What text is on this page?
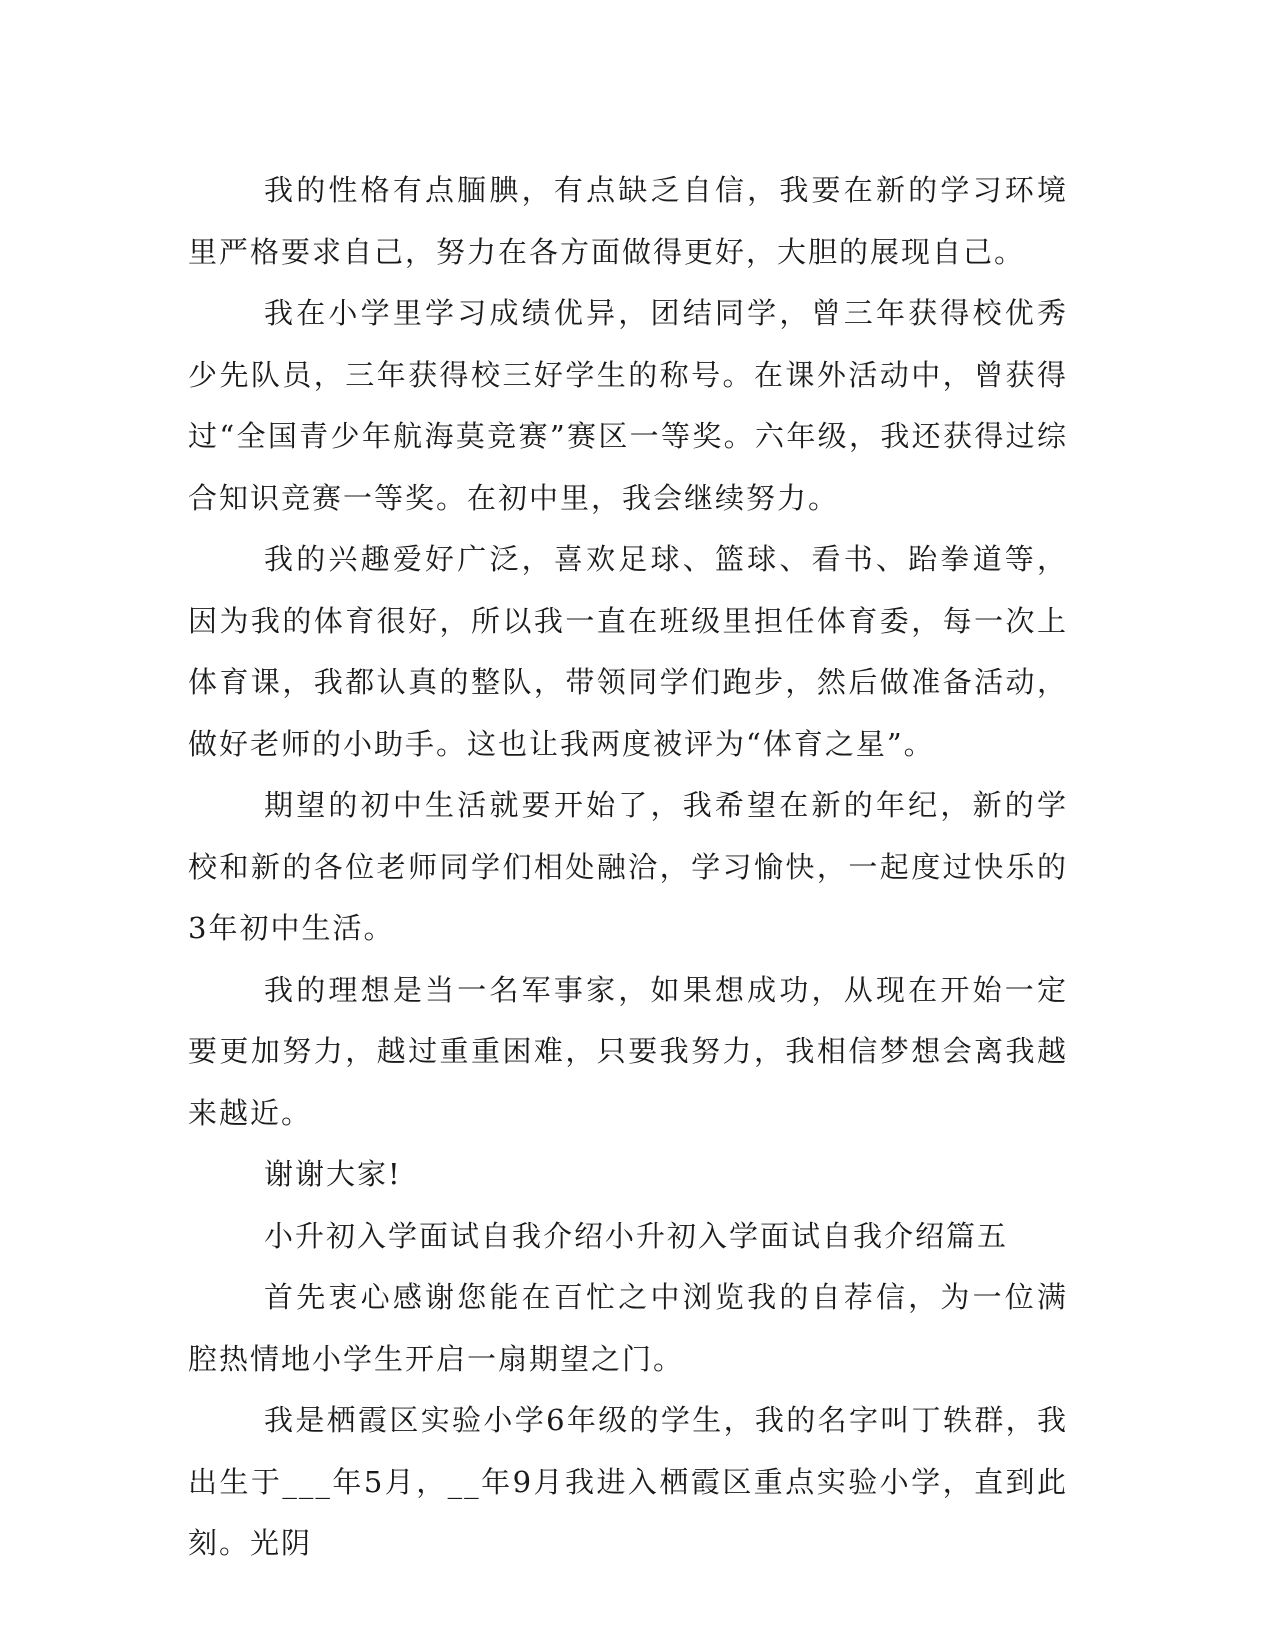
我的性格有点腼腆，有点缺乏自信，我要在新的学习环境里严格要求自己，努力在各方面做得更好，大胆的展现自己。

我在小学里学习成绩优异，团结同学，曾三年获得校优秀少先队员，三年获得校三好学生的称号。在课外活动中，曾获得过“全国青少年航海莫竞赛”赛区一等奖。六年级，我还获得过综合知识竞赛一等奖。在初中里，我会继续努力。

我的兴趣爱好广泛，喜欢足球、篮球、看书、跆拳道等，因为我的体育很好，所以我一直在班级里担任体育委，每一次上体育课，我都认真的整队，带领同学们跑步，然后做准备活动，做好老师的小助手。这也让我两度被评为“体育之星”。

期望的初中生活就要开始了，我希望在新的年纪，新的学校和新的各位老师同学们相处融洽，学习愉快，一起度过快乐的3年初中生活。

我的理想是当一名军事家，如果想成功，从现在开始一定要更加努力，越过重重困难，只要我努力，我相信梦想会离我越来越近。

谢谢大家!

小升初入学面试自我介绍小升初入学面试自我介绍篇五

首先衷心感谢您能在百忙之中浏览我的自荐信，为一位满腔热情地小学生开启一扇期望之门。

我是栖霞区实验小学6年级的学生，我的名字叫丁轶群，我出生于___年5月，__年9月我进入栖霞区重点实验小学，直到此刻。光阴
